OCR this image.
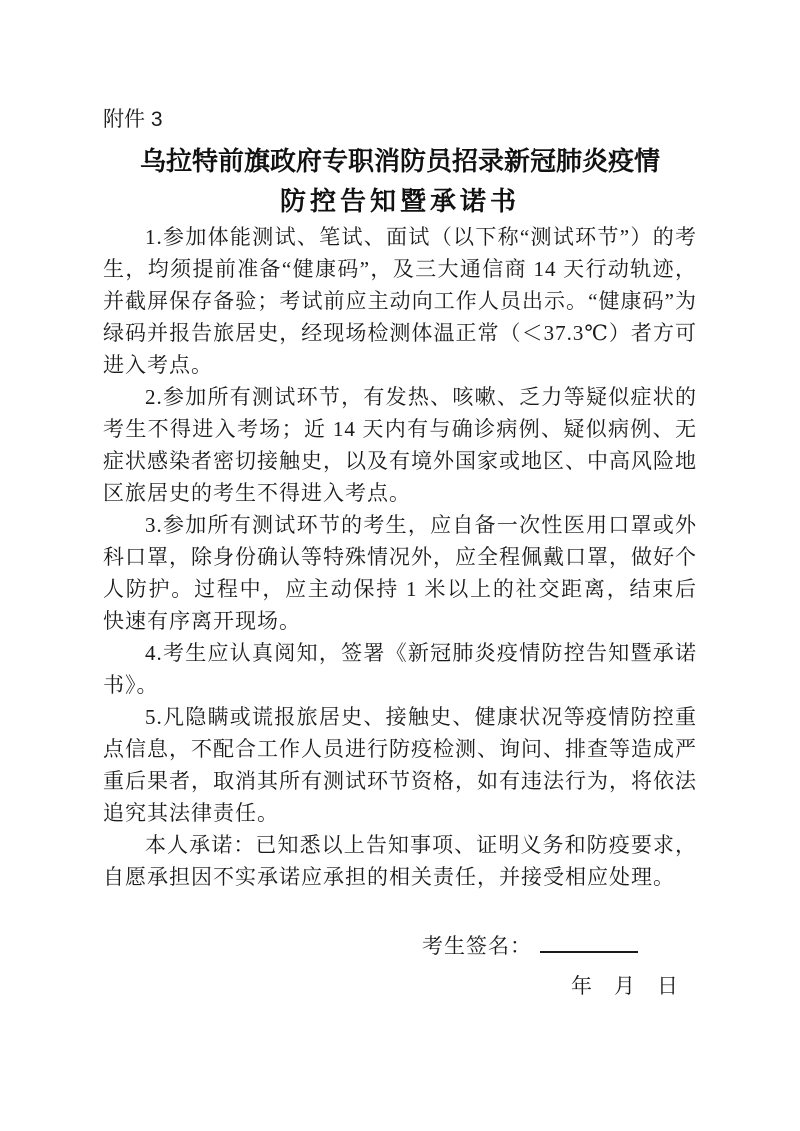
附件 3
乌拉特前旗政府专职消防员招录新冠肺炎疫情
防控告知暨承诺书

1.参加体能测试、笔试、面试（以下称“测试环节”）的考生，均须提前准备“健康码”，及三大通信商 14 天行动轨迹，并截屏保存备验；考试前应主动向工作人员出示。“健康码”为绿码并报告旅居史，经现场检测体温正常（＜37.3℃）者方可进入考点。

2.参加所有测试环节，有发热、咳嗽、乏力等疑似症状的考生不得进入考场；近 14 天内有与确诊病例、疑似病例、无症状感染者密切接触史，以及有境外国家或地区、中高风险地区旅居史的考生不得进入考点。

3.参加所有测试环节的考生，应自备一次性医用口罩或外科口罩，除身份确认等特殊情况外，应全程佩戴口罩，做好个人防护。过程中，应主动保持 1 米以上的社交距离，结束后快速有序离开现场。

4.考生应认真阅知，签署《新冠肺炎疫情防控告知暨承诺书》。

5.凡隐瞒或谎报旅居史、接触史、健康状况等疫情防控重点信息，不配合工作人员进行防疫检测、询问、排查等造成严重后果者，取消其所有测试环节资格，如有违法行为，将依法追究其法律责任。

本人承诺：已知悉以上告知事项、证明义务和防疫要求，自愿承担因不实承诺应承担的相关责任，并接受相应处理。

考生签名：
年 月 日
